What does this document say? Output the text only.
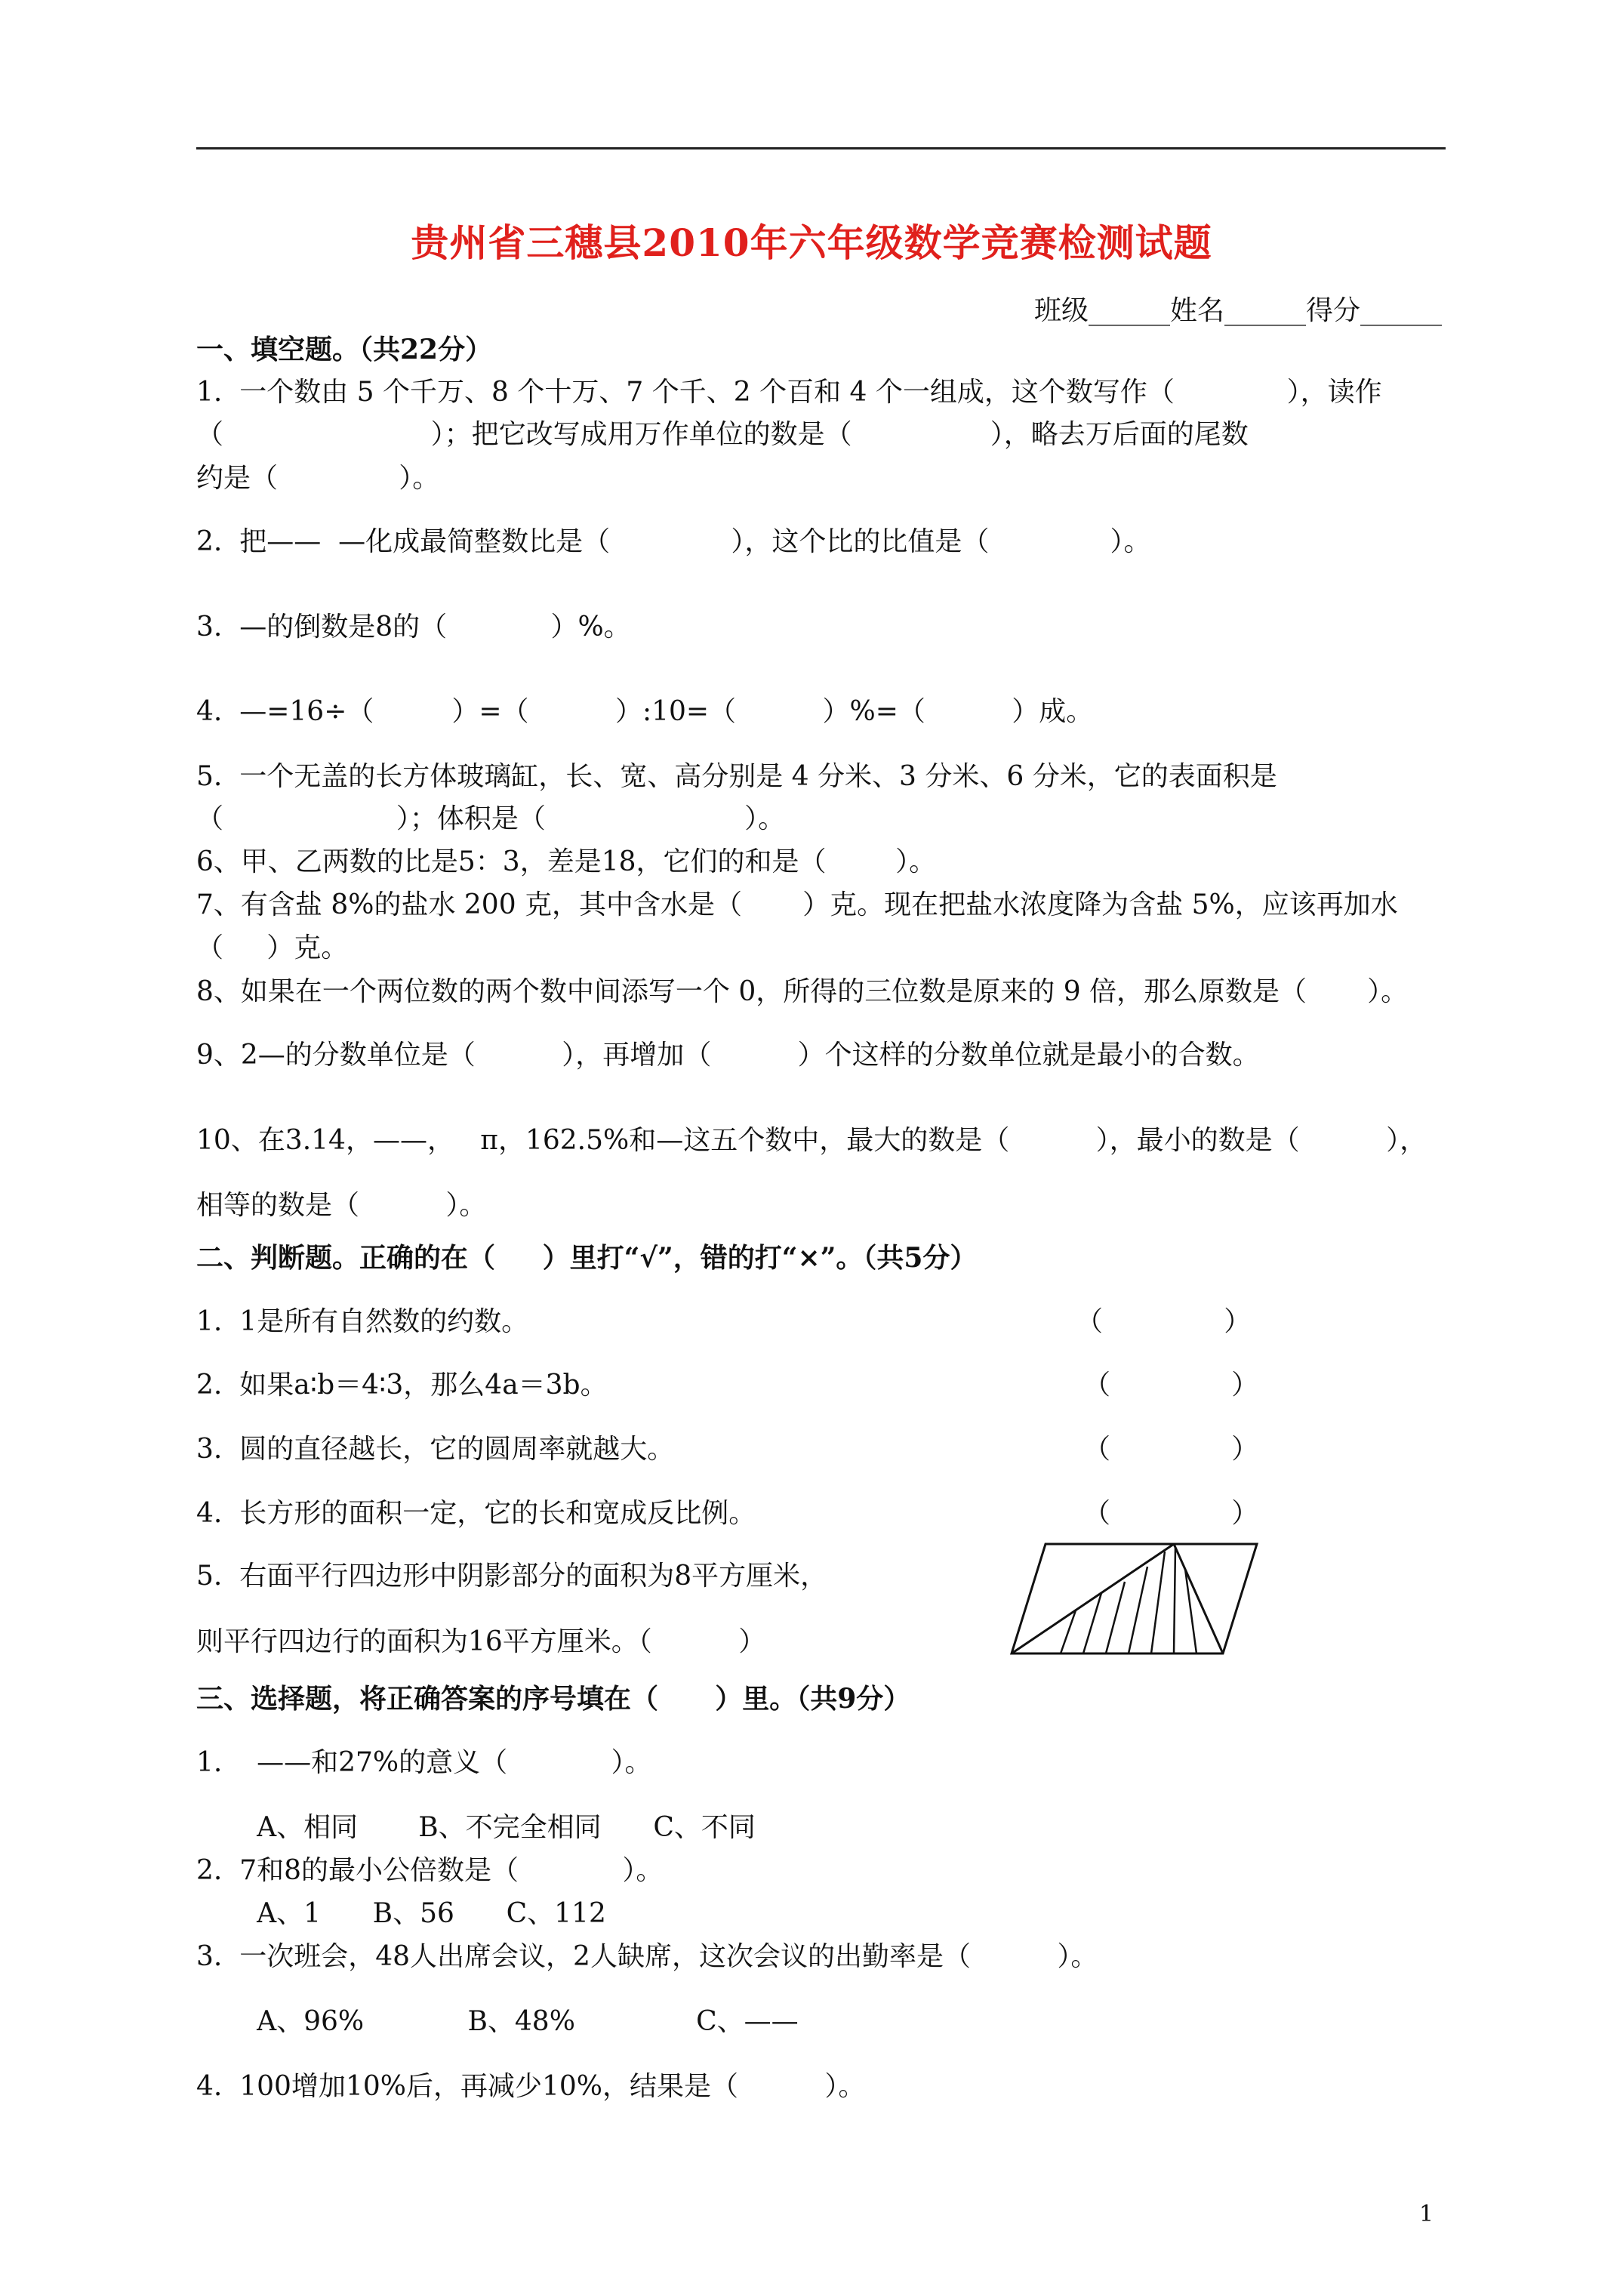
贵州省三穗县2010年六年级数学竞赛检测试题
班级______姓名______得分______
一、填空题。（共22分）
1.  一个数由 5 个千万、8 个十万、7 个千、2 个百和 4 个一组成，这个数写作（             ），读作
（                        ）；把它改写成用万作单位的数是（                ），略去万后面的尾数
约是（              ）。
2.  把——  —化成最简整数比是（              ），这个比的比值是（              ）。
3.  —的倒数是8的（            ）%。
4.  —=16÷（         ）=（          ）:10=（          ）%=（          ）成。
5.  一个无盖的长方体玻璃缸，长、宽、高分别是 4 分米、3 分米、6 分米，它的表面积是
（                    ）；体积是（                       ）。
6、甲、乙两数的比是5：3，差是18，它们的和是（        ）。
7、有含盐 8%的盐水 200 克，其中含水是（       ）克。现在把盐水浓度降为含盐 5%，应该再加水
（     ）克。
8、如果在一个两位数的两个数中间添写一个 0，所得的三位数是原来的 9 倍，那么原数是（       ）。
9、2—的分数单位是（          ），再增加（          ）个这样的分数单位就是最小的合数。
10、在3.14，——，   π，162.5%和—这五个数中，最大的数是（          ），最小的数是（          ），
相等的数是（          ）。
二、判断题。正确的在（     ）里打“√”，错的打“×”。（共5分）
1.  1是所有自然数的约数。	（              ）
2.  如果a∶b＝4∶3，那么4a＝3b。	（              ）
3.  圆的直径越长，它的圆周率就越大。	（              ）
4.  长方形的面积一定，它的长和宽成反比例。	（              ）
5.  右面平行四边形中阴影部分的面积为8平方厘米，
则平行四边行的面积为16平方厘米。（          ）
三、选择题，将正确答案的序号填在（      ）里。（共9分）
1.    ——和27%的意义（            ）。
A、相同       B、不完全相同      C、不同
2.  7和8的最小公倍数是（            ）。
A、1      B、56      C、112
3.  一次班会，48人出席会议，2人缺席，这次会议的出勤率是（          ）。
A、96%            B、48%              C、——
4.  100增加10%后，再减少10%，结果是（          ）。
1
